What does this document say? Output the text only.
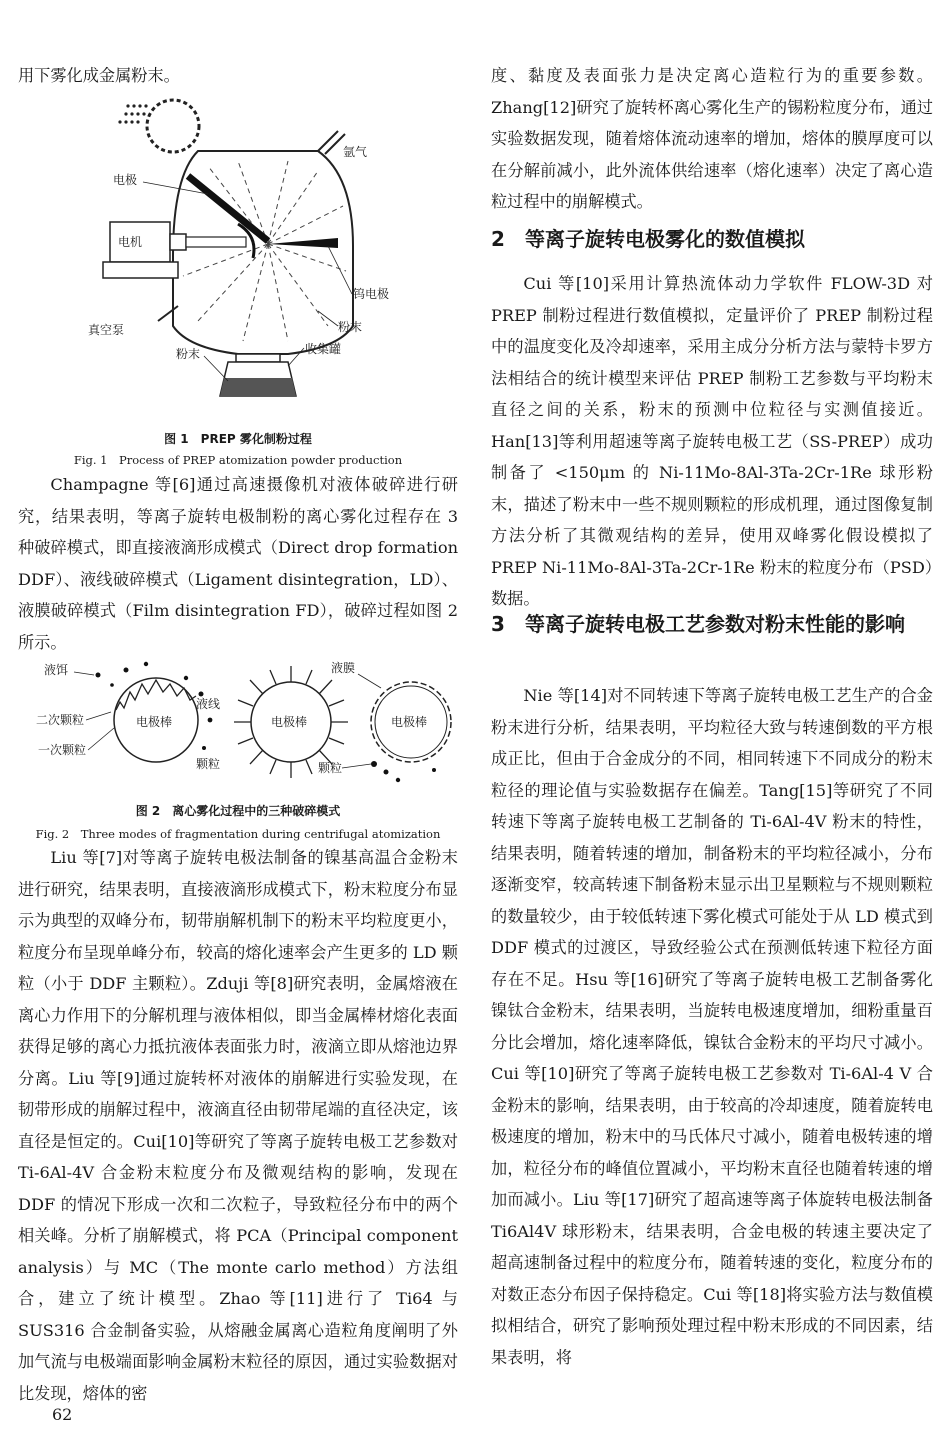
用下雾化成金属粉末。

氩气
电极
电机
钨电极
真空泵	粉末
收集罐
粉末
图 1　PREP 雾化制粉过程
Fig. 1　Process of PREP atomization powder production

Champagne 等[6]通过高速摄像机对液体破碎进行研究，结果表明，等离子旋转电极制粉的离心雾化过程存在 3 种破碎模式，即直接液滴形成模式（Direct drop formation DDF）、液线破碎模式（Ligament disintegration，LD）、液膜破碎模式（Film disintegration FD），破碎过程如图 2 所示。

液饵
液线
液膜
二次颗粒
一次颗粒
颗粒	颗粒
电极棒	电极棒	电极棒
图 2　离心雾化过程中的三种破碎模式
Fig. 2　Three modes of fragmentation during centrifugal atomization

Liu 等[7]对等离子旋转电极法制备的镍基高温合金粉末进行研究，结果表明，直接液滴形成模式下，粉末粒度分布显示为典型的双峰分布，韧带崩解机制下的粉末平均粒度更小，粒度分布呈现单峰分布，较高的熔化速率会产生更多的 LD 颗粒（小于 DDF 主颗粒）。Zduji 等[8]研究表明，金属熔液在离心力作用下的分解机理与液体相似，即当金属棒材熔化表面获得足够的离心力抵抗液体表面张力时，液滴立即从熔池边界分离。Liu 等[9]通过旋转杯对液体的崩解进行实验发现，在韧带形成的崩解过程中，液滴直径由韧带尾端的直径决定，该直径是恒定的。Cui[10]等研究了等离子旋转电极工艺参数对 Ti-6Al-4V 合金粉末粒度分布及微观结构的影响，发现在 DDF 的情况下形成一次和二次粒子，导致粒径分布中的两个相关峰。分析了崩解模式，将 PCA（Principal component analysis）与 MC（The monte carlo method）方法组合，建立了统计模型。Zhao 等[11]进行了 Ti64 与 SUS316 合金制备实验，从熔融金属离心造粒角度阐明了外加气流与电极端面影响金属粉末粒径的原因，通过实验数据对比发现，熔体的密

62

度、黏度及表面张力是决定离心造粒行为的重要参数。Zhang[12]研究了旋转杯离心雾化生产的锡粉粒度分布，通过实验数据发现，随着熔体流动速率的增加，熔体的膜厚度可以在分解前减小，此外流体供给速率（熔化速率）决定了离心造粒过程中的崩解模式。

2 等离子旋转电极雾化的数值模拟

Cui 等[10]采用计算热流体动力学软件 FLOW-3D 对 PREP 制粉过程进行数值模拟，定量评价了 PREP 制粉过程中的温度变化及冷却速率，采用主成分分析方法与蒙特卡罗方法相结合的统计模型来评估 PREP 制粉工艺参数与平均粉末直径之间的关系，粉末的预测中位粒径与实测值接近。Han[13]等利用超速等离子旋转电极工艺（SS-PREP）成功制备了 <150μm 的 Ni-11Mo-8Al-3Ta-2Cr-1Re 球形粉末，描述了粉末中一些不规则颗粒的形成机理，通过图像复制方法分析了其微观结构的差异，使用双峰雾化假设模拟了 PREP Ni-11Mo-8Al-3Ta-2Cr-1Re 粉末的粒度分布（PSD）数据。

3 等离子旋转电极工艺参数对粉末性能的影响

Nie 等[14]对不同转速下等离子旋转电极工艺生产的合金粉末进行分析，结果表明，平均粒径大致与转速倒数的平方根成正比，但由于合金成分的不同，相同转速下不同成分的粉末粒径的理论值与实验数据存在偏差。Tang[15]等研究了不同转速下等离子旋转电极工艺制备的 Ti-6Al-4V 粉末的特性，结果表明，随着转速的增加，制备粉末的平均粒径减小，分布逐渐变窄，较高转速下制备粉末显示出卫星颗粒与不规则颗粒的数量较少，由于较低转速下雾化模式可能处于从 LD 模式到 DDF 模式的过渡区，导致经验公式在预测低转速下粒径方面存在不足。Hsu 等[16]研究了等离子旋转电极工艺制备雾化镍钛合金粉末，结果表明，当旋转电极速度增加，细粉重量百分比会增加，熔化速率降低，镍钛合金粉末的平均尺寸减小。Cui 等[10]研究了等离子旋转电极工艺参数对 Ti-6Al-4 V 合金粉末的影响，结果表明，由于较高的冷却速度，随着旋转电极速度的增加，粉末中的马氏体尺寸减小，随着电极转速的增加，粒径分布的峰值位置减小，平均粉末直径也随着转速的增加而减小。Liu 等[17]研究了超高速等离子体旋转电极法制备 Ti6Al4V 球形粉末，结果表明，合金电极的转速主要决定了超高速制备过程中的粒度分布，随着转速的变化，粒度分布的对数正态分布因子保持稳定。Cui 等[18]将实验方法与数值模拟相结合，研究了影响预处理过程中粉末形成的不同因素，结果表明，将
